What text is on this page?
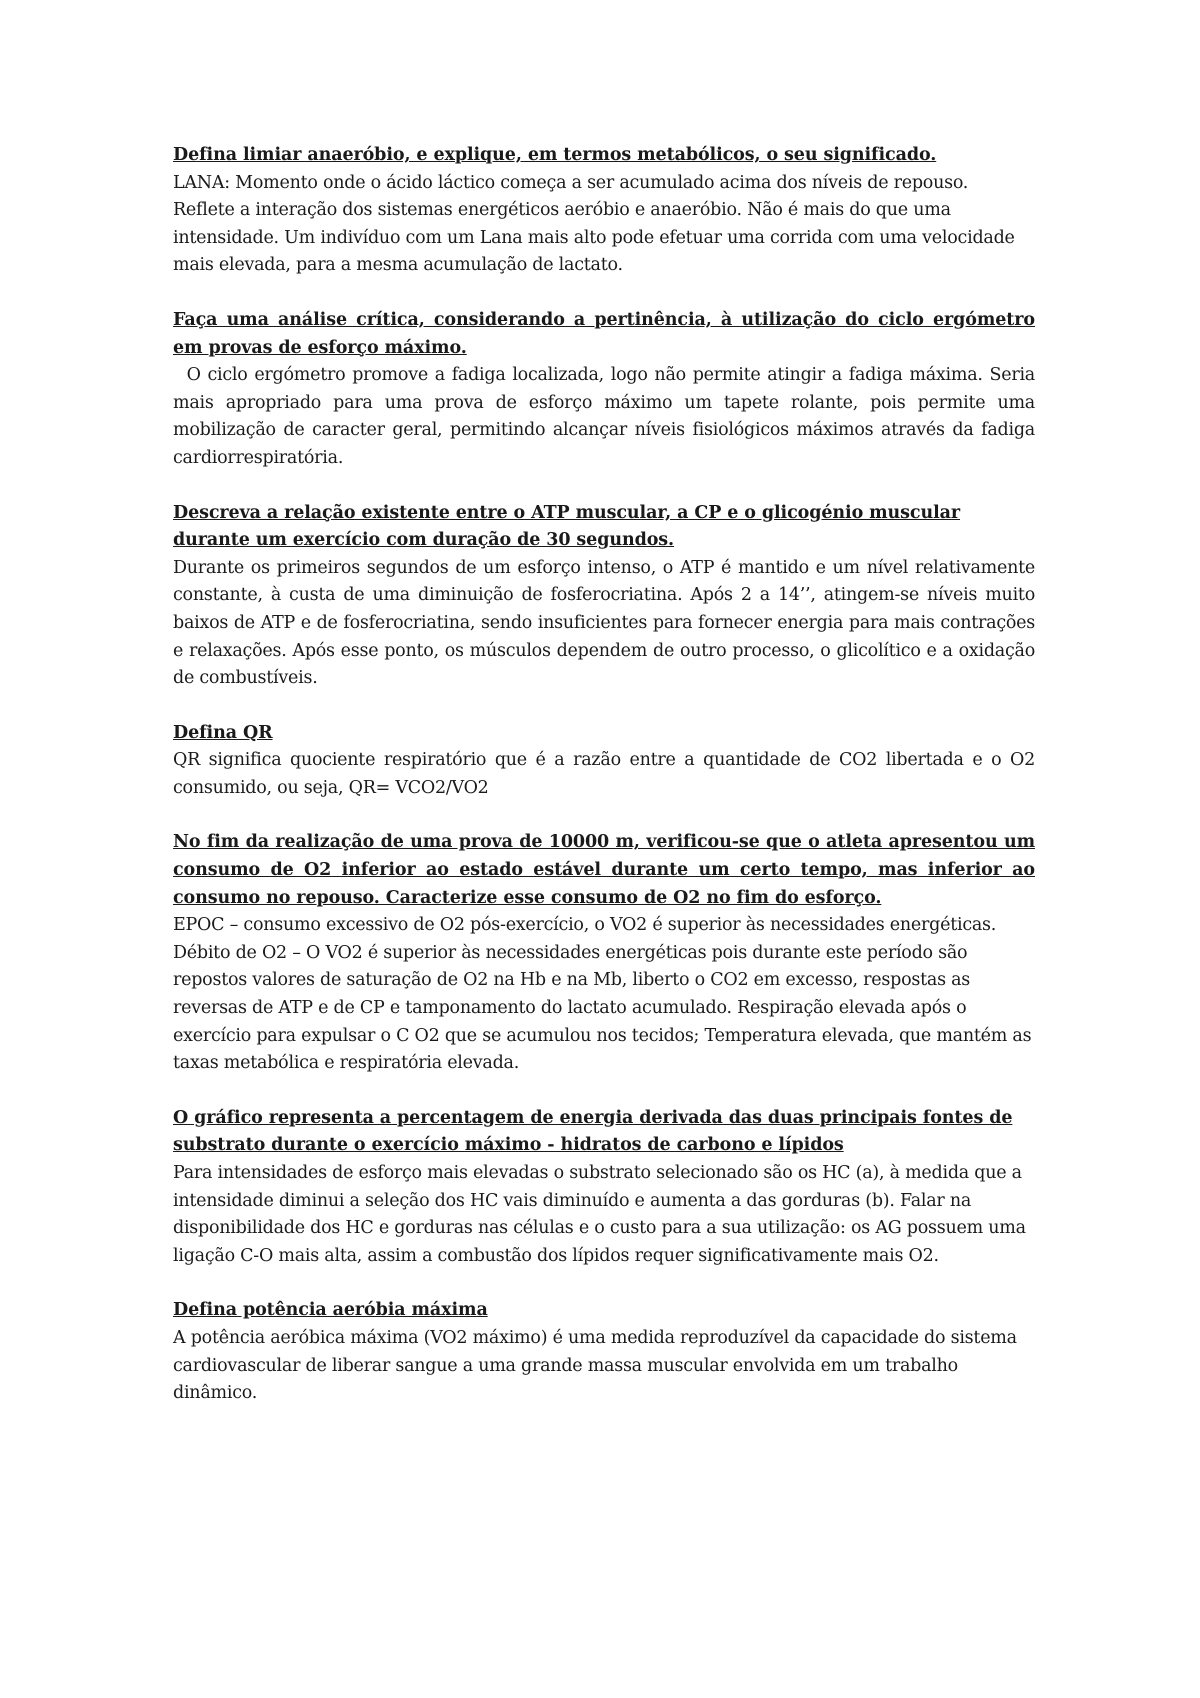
Defina limiar anaeróbio, e explique, em termos metabólicos, o seu significado.

LANA: Momento onde o ácido láctico começa a ser acumulado acima dos níveis de repouso. Reflete a interação dos sistemas energéticos aeróbio e anaeróbio. Não é mais do que uma intensidade. Um indivíduo com um Lana mais alto pode efetuar uma corrida com uma velocidade mais elevada, para a mesma acumulação de lactato.

Faça uma análise crítica, considerando a pertinência, à utilização do ciclo ergómetro em provas de esforço máximo.

O ciclo ergómetro promove a fadiga localizada, logo não permite atingir a fadiga máxima. Seria mais apropriado para uma prova de esforço máximo um tapete rolante, pois permite uma mobilização de caracter geral, permitindo alcançar níveis fisiológicos máximos através da fadiga cardiorrespiratória.

Descreva a relação existente entre o ATP muscular, a CP e o glicogénio muscular durante um exercício com duração de 30 segundos.

Durante os primeiros segundos de um esforço intenso, o ATP é mantido e um nível relativamente constante, à custa de uma diminuição de fosferocriatina. Após 2 a 14’’, atingem-se níveis muito baixos de ATP e de fosferocriatina, sendo insuficientes para fornecer energia para mais contrações e relaxações. Após esse ponto, os músculos dependem de outro processo, o glicolítico e a oxidação de combustíveis.

Defina QR

QR significa quociente respiratório que é a razão entre a quantidade de CO2 libertada e o O2 consumido, ou seja, QR= VCO2/VO2

No fim da realização de uma prova de 10000 m, verificou-se que o atleta apresentou um consumo de O2 inferior ao estado estável durante um certo tempo, mas inferior ao consumo no repouso. Caracterize esse consumo de O2 no fim do esforço.

EPOC – consumo excessivo de O2 pós-exercício, o VO2 é superior às necessidades energéticas. Débito de O2 – O VO2 é superior às necessidades energéticas pois durante este período são repostos valores de saturação de O2 na Hb e na Mb, liberto o CO2 em excesso, respostas as reversas de ATP e de CP e tamponamento do lactato acumulado. Respiração elevada após o exercício para expulsar o C O2 que se acumulou nos tecidos; Temperatura elevada, que mantém as taxas metabólica e respiratória elevada.

O gráfico representa a percentagem de energia derivada das duas principais fontes de substrato durante o exercício máximo - hidratos de carbono e lípidos

Para intensidades de esforço mais elevadas o substrato selecionado são os HC (a), à medida que a intensidade diminui a seleção dos HC vais diminuído e aumenta a das gorduras (b). Falar na disponibilidade dos HC e gorduras nas células e o custo para a sua utilização: os AG possuem uma ligação C-O mais alta, assim a combustão dos lípidos requer significativamente mais O2.

Defina potência aeróbia máxima

A potência aeróbica máxima (VO2 máximo) é uma medida reproduzível da capacidade do sistema cardiovascular de liberar sangue a uma grande massa muscular envolvida em um trabalho dinâmico.
